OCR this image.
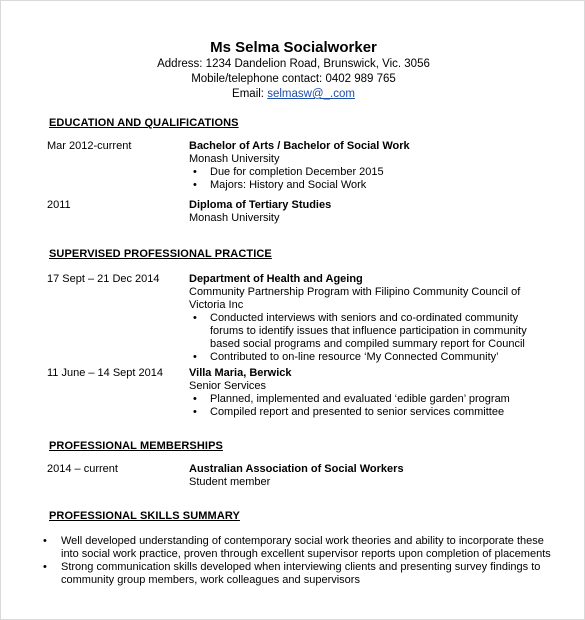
Ms Selma Socialworker
Address: 1234 Dandelion Road, Brunswick, Vic. 3056
Mobile/telephone contact: 0402 989 765
Email: selmasw@_.com
EDUCATION AND QUALIFICATIONS
Mar 2012-current	Bachelor of Arts / Bachelor of Social Work
Monash University
• Due for completion December 2015
• Majors: History and Social Work
2011	Diploma of Tertiary Studies
Monash University
SUPERVISED PROFESSIONAL PRACTICE
17 Sept – 21 Dec 2014	Department of Health and Ageing
Community Partnership Program with Filipino Community Council of
Victoria Inc
• Conducted interviews with seniors and co-ordinated community forums to identify issues that influence participation in community based social programs and compiled summary report for Council
• Contributed to on-line resource ‘My Connected Community’
11 June – 14 Sept 2014	Villa Maria, Berwick
Senior Services
• Planned, implemented and evaluated ‘edible garden’ program
• Compiled report and presented to senior services committee
PROFESSIONAL MEMBERSHIPS
2014 – current	Australian Association of Social Workers
Student member
PROFESSIONAL SKILLS SUMMARY
• Well developed understanding of contemporary social work theories and ability to incorporate these into social work practice, proven through excellent supervisor reports upon completion of placements
• Strong communication skills developed when interviewing clients and presenting survey findings to community group members, work colleagues and supervisors
